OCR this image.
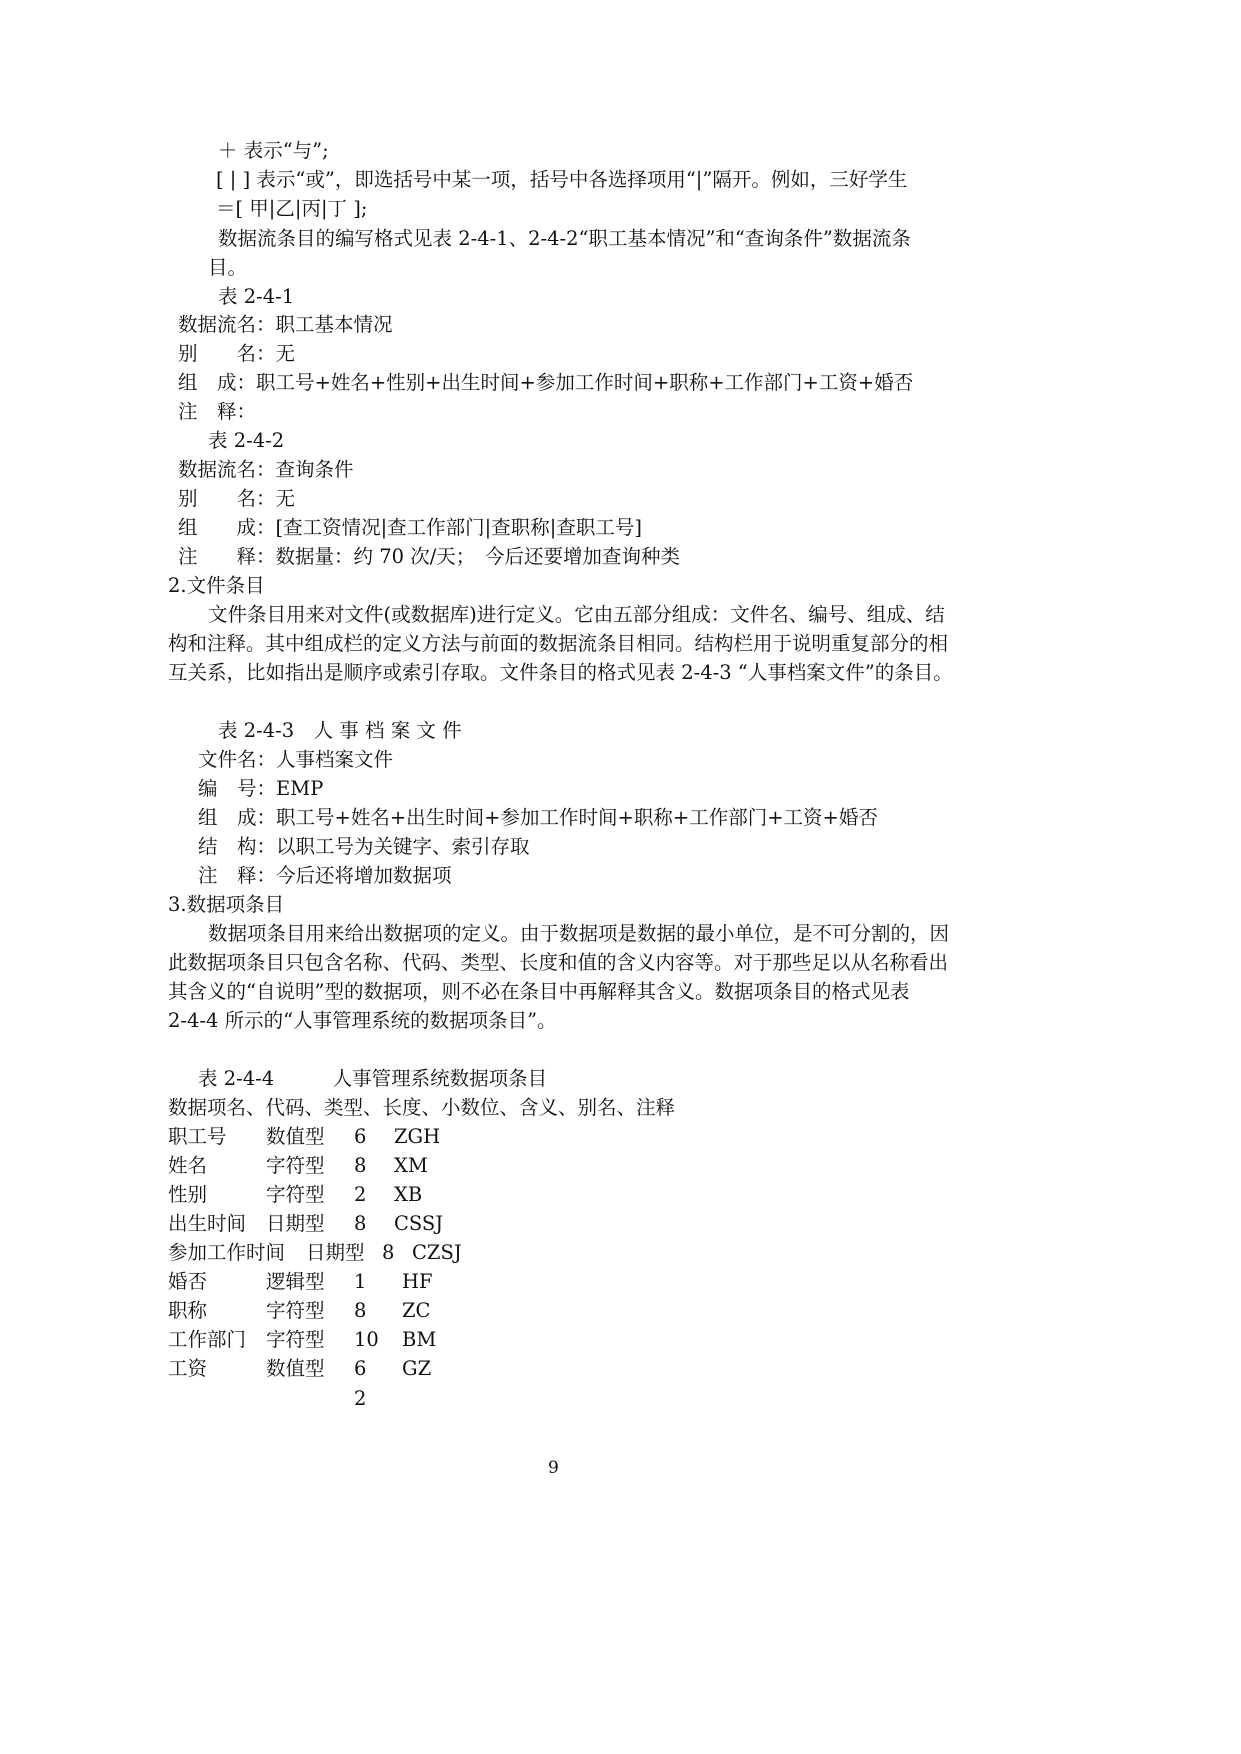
＋ 表示“与”;
[ | ] 表示“或”，即选括号中某一项，括号中各选择项用“|”隔开。例如，三好学生
＝[ 甲|乙|丙|丁 ];
数据流条目的编写格式见表 2-4-1、2-4-2“职工基本情况”和“查询条件”数据流条
目。
表 2-4-1
数据流名：职工基本情况
别　　名：无
组　成：职工号+姓名+性别+出生时间+参加工作时间+职称+工作部门+工资+婚否
注　释：
表 2-4-2
数据流名：查询条件
别　　名：无
组　　成：[查工资情况|查工作部门|查职称|查职工号]
注　　释：数据量：约 70 次/天；　今后还要增加查询种类
2.文件条目
文件条目用来对文件(或数据库)进行定义。它由五部分组成：文件名、编号、组成、结
构和注释。其中组成栏的定义方法与前面的数据流条目相同。结构栏用于说明重复部分的相
互关系，比如指出是顺序或索引存取。文件条目的格式见表 2-4-3 “人事档案文件”的条目。
表 2-4-3　人 事 档 案 文 件
文件名：人事档案文件
编　号：EMP
组　成：职工号+姓名+出生时间+参加工作时间+职称+工作部门+工资+婚否
结　构：以职工号为关键字、索引存取
注　释：今后还将增加数据项
3.数据项条目
数据项条目用来给出数据项的定义。由于数据项是数据的最小单位，是不可分割的，因
此数据项条目只包含名称、代码、类型、长度和值的含义内容等。对于那些足以从名称看出
其含义的“自说明”型的数据项，则不必在条目中再解释其含义。数据项条目的格式见表
2-4-4 所示的“人事管理系统的数据项条目”。
表 2-4-4　　　人事管理系统数据项条目
数据项名、代码、类型、长度、小数位、含义、别名、注释
职工号 数值型 6 ZGH
姓名	字符型 8 XM
性别	字符型 2 XB
出生时间 日期型 8 CSSJ
参加工作时间 日期型 8 CZSJ
婚否	逻辑型 1 HF
职称	字符型 8 ZC
工作部门 字符型 10 BM
工资	数值型 6 GZ
2
9
